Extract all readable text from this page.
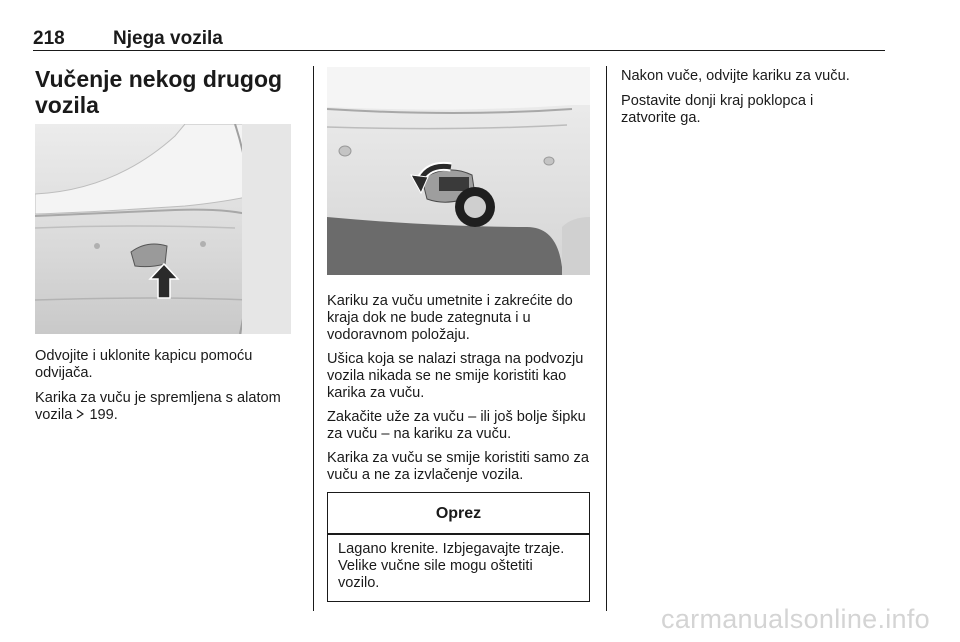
218	Njega vozila
Vučenje nekog drugog vozila

Odvojite i uklonite kapicu pomoću odvijača.

Karika za vuču je spremljena s alatom vozila  199.

Kariku za vuču umetnite i zakrećite do kraja dok ne bude zategnuta i u vodoravnom položaju.

Ušica koja se nalazi straga na podvozju vozila nikada se ne smije koristiti kao karika za vuču.

Zakačite uže za vuču – ili još bolje šipku za vuču – na kariku za vuču.

Karika za vuču se smije koristiti samo za vuču a ne za izvlačenje vozila.

Oprez
Lagano krenite. Izbjegavajte trzaje. Velike vučne sile mogu oštetiti vozilo.

Nakon vuče, odvijte kariku za vuču.

Postavite donji kraj poklopca i zatvorite ga.

carmanualsonline.info
